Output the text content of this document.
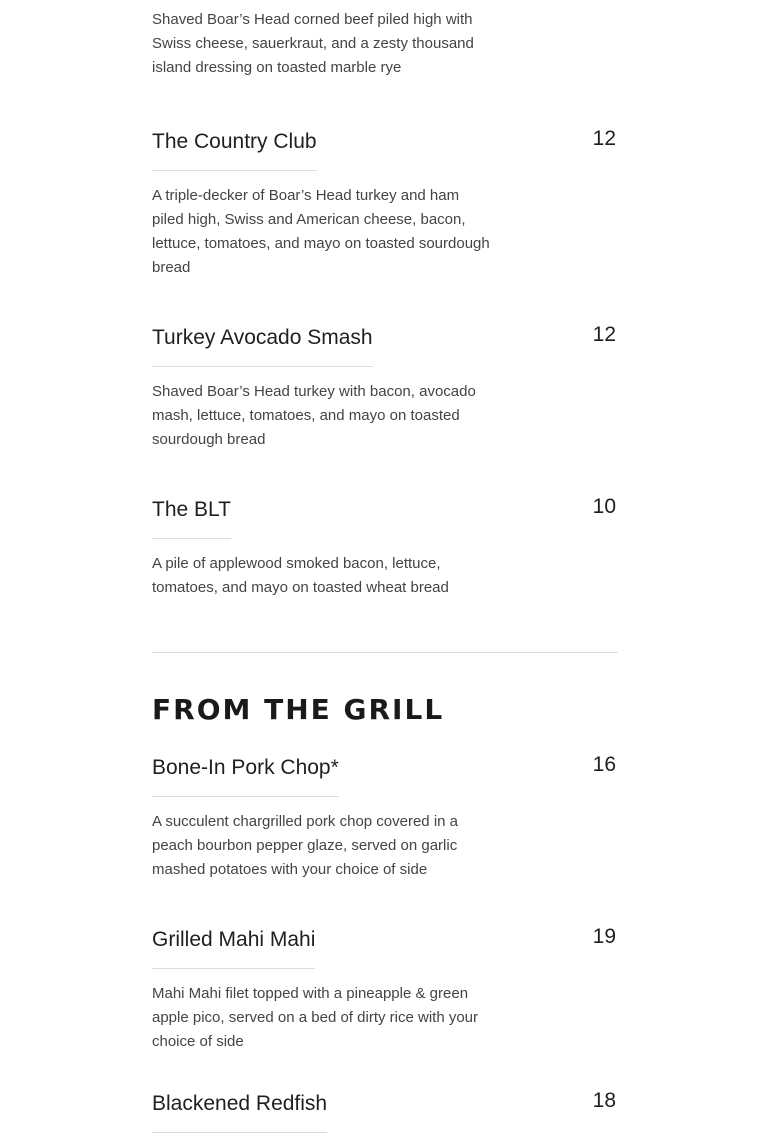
Shaved Boar’s Head corned beef piled high with Swiss cheese, sauerkraut, and a zesty thousand island dressing on toasted marble rye
The Country Club	12
A triple-decker of Boar’s Head turkey and ham piled high, Swiss and American cheese, bacon, lettuce, tomatoes, and mayo on toasted sourdough bread
Turkey Avocado Smash	12
Shaved Boar’s Head turkey with bacon, avocado mash, lettuce, tomatoes, and mayo on toasted sourdough bread
The BLT	10
A pile of applewood smoked bacon, lettuce, tomatoes, and mayo on toasted wheat bread
FROM THE GRILL
Bone-In Pork Chop*	16
A succulent chargrilled pork chop covered in a peach bourbon pepper glaze, served on garlic mashed potatoes with your choice of side
Grilled Mahi Mahi	19
Mahi Mahi filet topped with a pineapple & green apple pico, served on a bed of dirty rice with your choice of side
Blackened Redfish	18
